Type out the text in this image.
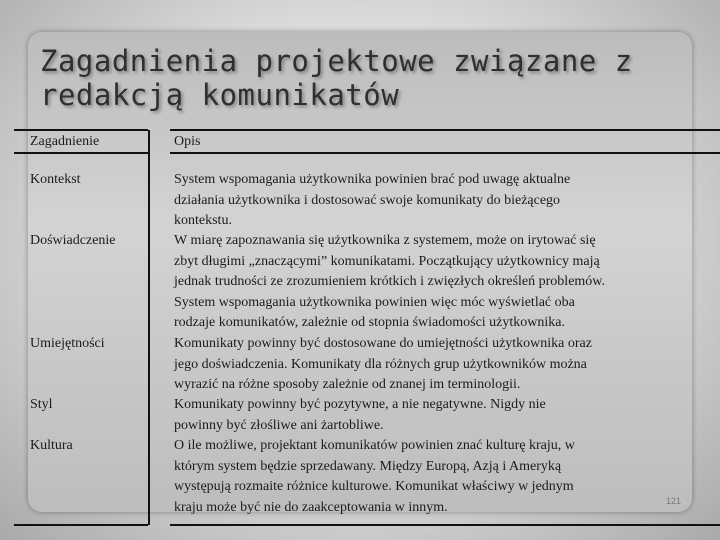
Zagadnienia projektowe związane z redakcją komunikatów
Zagadnienie	Opis
Kontekst	System wspomagania użytkownika powinien brać pod uwagę aktualne
działania użytkownika i dostosować swoje komunikaty do bieżącego
kontekstu.
Doświadczenie	W miarę zapoznawania się użytkownika z systemem, może on irytować się
zbyt długimi „znaczącymi” komunikatami. Początkujący użytkownicy mają
jednak trudności ze zrozumieniem krótkich i zwięzłych określeń problemów.
System wspomagania użytkownika powinien więc móc wyświetlać oba
rodzaje komunikatów, zależnie od stopnia świadomości użytkownika.
Umiejętności	Komunikaty powinny być dostosowane do umiejętności użytkownika oraz
jego doświadczenia. Komunikaty dla różnych grup użytkowników można
wyrazić na różne sposoby zależnie od znanej im terminologii.
Styl	Komunikaty powinny być pozytywne, a nie negatywne. Nigdy nie
powinny być złośliwe ani żartobliwe.
Kultura	O ile możliwe, projektant komunikatów powinien znać kulturę kraju, w
którym system będzie sprzedawany. Między Europą, Azją i Ameryką
występują rozmaite różnice kulturowe. Komunikat właściwy w jednym
kraju może być nie do zaakceptowania w innym.	121
